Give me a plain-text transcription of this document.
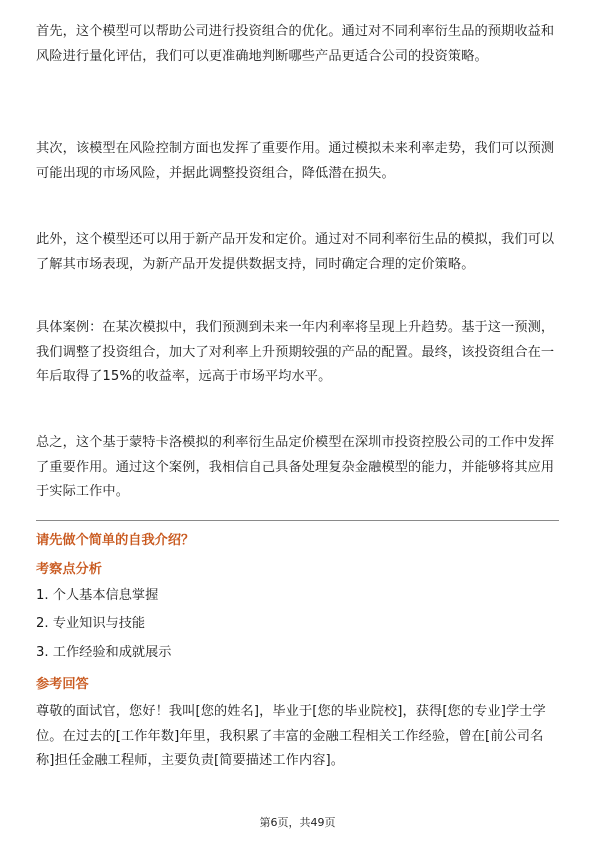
首先，这个模型可以帮助公司进行投资组合的优化。通过对不同利率衍生品的预期收益和风险进行量化评估，我们可以更准确地判断哪些产品更适合公司的投资策略。

其次，该模型在风险控制方面也发挥了重要作用。通过模拟未来利率走势，我们可以预测可能出现的市场风险，并据此调整投资组合，降低潜在损失。

此外，这个模型还可以用于新产品开发和定价。通过对不同利率衍生品的模拟，我们可以了解其市场表现，为新产品开发提供数据支持，同时确定合理的定价策略。

具体案例：在某次模拟中，我们预测到未来一年内利率将呈现上升趋势。基于这一预测，我们调整了投资组合，加大了对利率上升预期较强的产品的配置。最终，该投资组合在一年后取得了15%的收益率，远高于市场平均水平。

总之，这个基于蒙特卡洛模拟的利率衍生品定价模型在深圳市投资控股公司的工作中发挥了重要作用。通过这个案例，我相信自己具备处理复杂金融模型的能力，并能够将其应用于实际工作中。

请先做个简单的自我介绍？

考察点分析

1. 个人基本信息掌握

2. 专业知识与技能

3. 工作经验和成就展示

参考回答

尊敬的面试官，您好！我叫[您的姓名]，毕业于[您的毕业院校]，获得[您的专业]学士学位。在过去的[工作年数]年里，我积累了丰富的金融工程相关工作经验，曾在[前公司名称]担任金融工程师，主要负责[简要描述工作内容]。

第6页，共49页
